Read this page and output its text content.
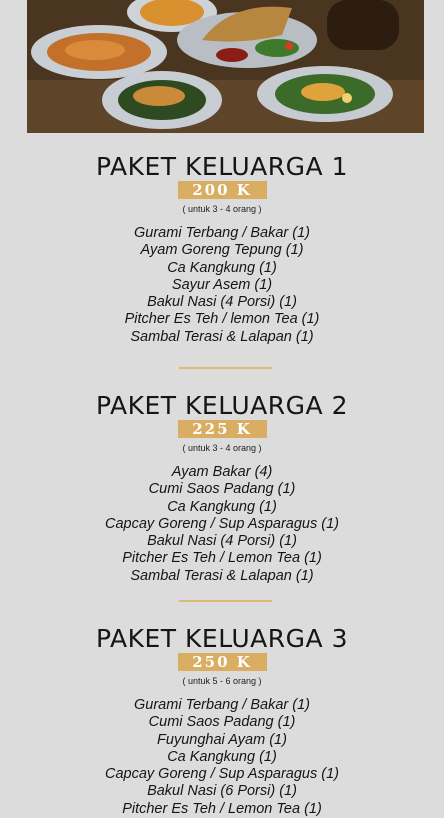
PAKET KELUARGA 1
200 K
( untuk 3 - 4 orang )
Gurami Terbang / Bakar (1)
Ayam Goreng Tepung (1)
Ca Kangkung (1)
Sayur Asem (1)
Bakul Nasi (4 Porsi) (1)
Pitcher Es Teh / lemon Tea (1)
Sambal Terasi & Lalapan (1)
PAKET KELUARGA 2
225 K
( untuk 3 - 4 orang )
Ayam Bakar (4)
Cumi Saos Padang (1)
Ca Kangkung (1)
Capcay Goreng / Sup Asparagus (1)
Bakul Nasi (4 Porsi) (1)
Pitcher Es Teh / Lemon Tea (1)
Sambal Terasi & Lalapan (1)
PAKET KELUARGA 3
250 K
( untuk 5 - 6 orang )
Gurami Terbang / Bakar (1)
Cumi Saos Padang (1)
Fuyunghai Ayam (1)
Ca Kangkung (1)
Capcay Goreng / Sup Asparagus (1)
Bakul Nasi (6 Porsi) (1)
Pitcher Es Teh / Lemon Tea (1)
